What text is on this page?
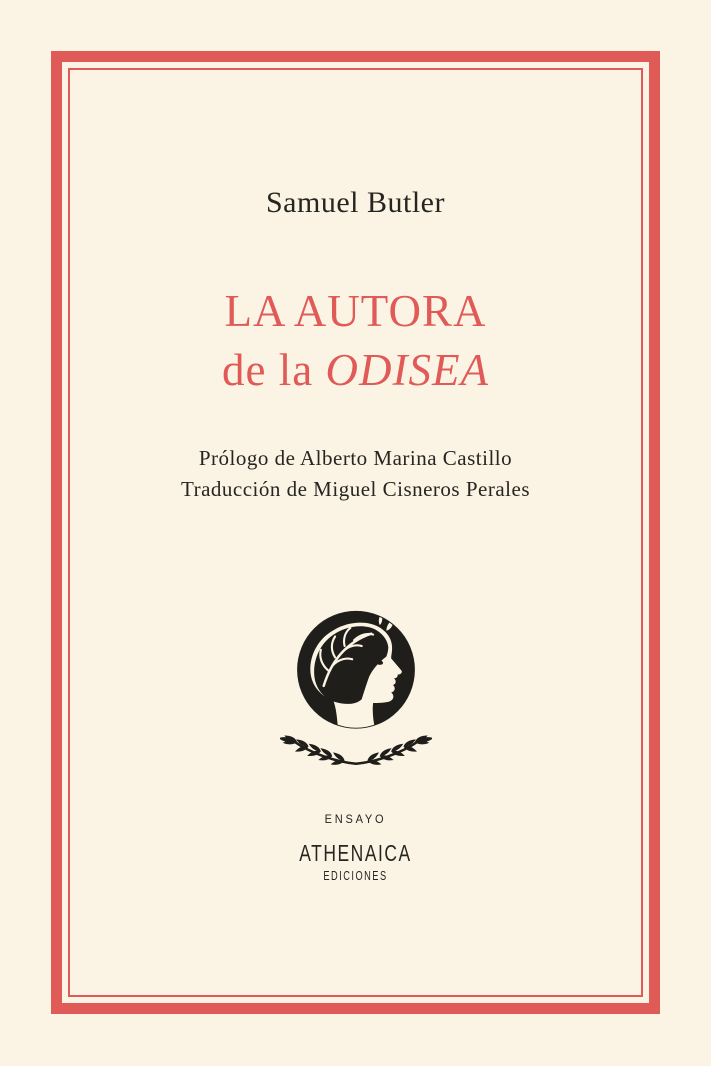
Samuel Butler
LA AUTORA
de la ODISEA
Prólogo de Alberto Marina Castillo
Traducción de Miguel Cisneros Perales
ENSAYO
ATHENAICA
EDICIONES
